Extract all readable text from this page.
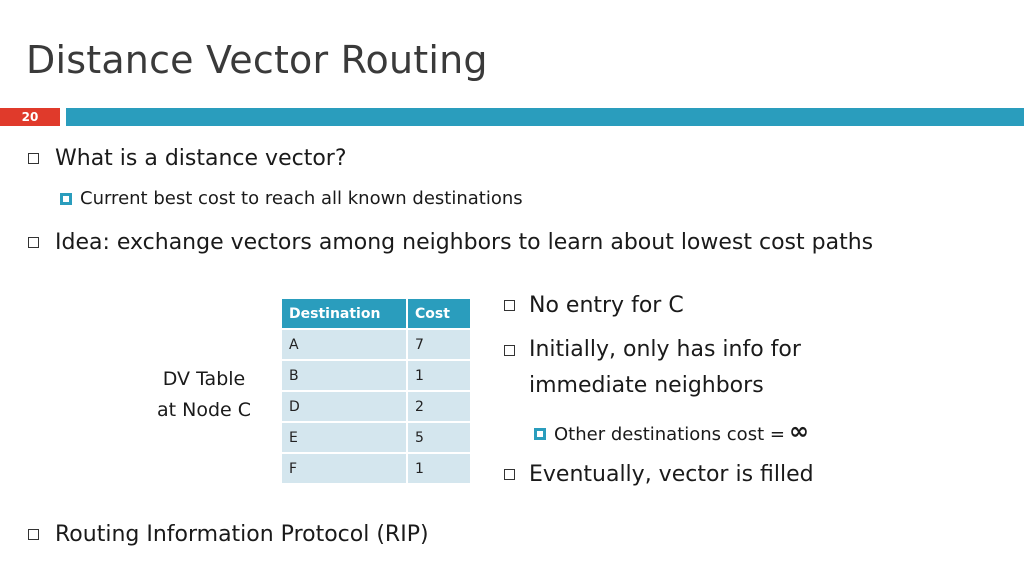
Distance Vector Routing
20
What is a distance vector?
Current best cost to reach all known destinations
Idea: exchange vectors among neighbors to learn about lowest cost paths
DV Table
at Node C
Destination	Cost
A	7
B	1
D	2
E	5
F	1
No entry for C
Initially, only has info for
immediate neighbors
Other destinations cost = ∞
Eventually, vector is filled
Routing Information Protocol (RIP)
